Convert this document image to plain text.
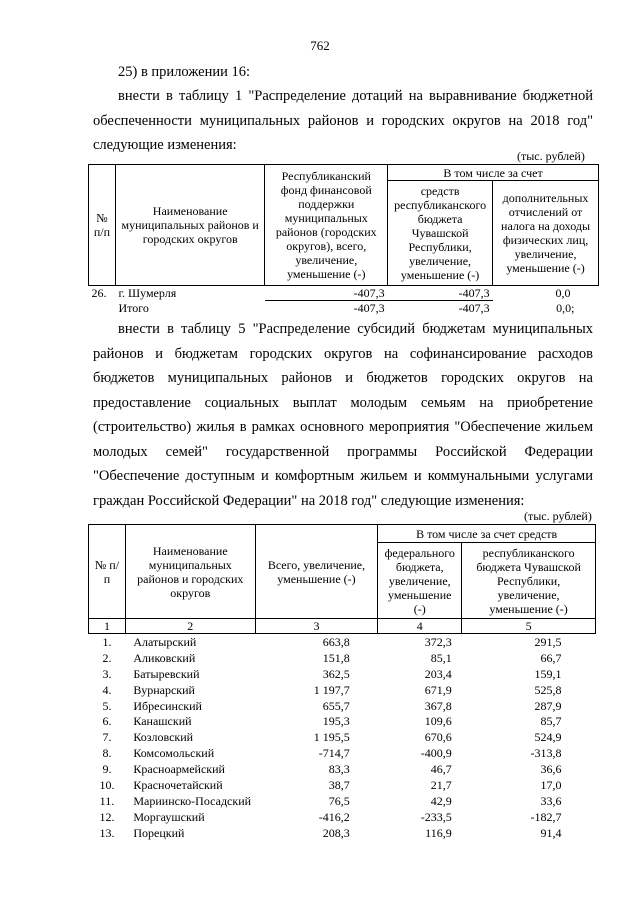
762

25) в приложении 16:

внести в таблицу 1 "Распределение дотаций на выравнивание бюджетной обеспеченности муниципальных районов и городских округов на 2018 год" следующие изменения:

(тыс. рублей)
№ п/п	Наименование муниципальных районов и городских округов	Республиканский фонд финансовой поддержки муниципальных районов (городских округов), всего, увеличение, уменьшение (-)	В том числе за счет	
			средств республиканского бюджета Чувашской Республики, увеличение, уменьшение (-)	дополнительных отчислений от налога на доходы физических лиц, увеличение, уменьшение (-)
26.	г. Шумерля	-407,3	-407,3	0,0
	Итого	-407,3	-407,3	0,0;

внести в таблицу 5 "Распределение субсидий бюджетам муниципальных районов и бюджетам городских округов на софинансирование расходов бюджетов муниципальных районов и бюджетов городских округов на предоставление социальных выплат молодым семьям на приобретение (строительство) жилья в рамках основного мероприятия "Обеспечение жильем молодых семей" государственной программы Российской Федерации "Обеспечение доступным и комфортным жильем и коммунальными услугами граждан Российской Федерации" на 2018 год" следующие изменения:

(тыс. рублей)
№ п/п	Наименование муниципальных районов и городских округов	Всего, увеличение, уменьшение (-)	В том числе за счет средств	
			федерального бюджета, увеличение, уменьшение (-)	республиканского бюджета Чувашской Республики, увеличение, уменьшение (-)
1	2	3	4	5
1.	Алатырский	663,8	372,3	291,5
2.	Аликовский	151,8	85,1	66,7
3.	Батыревский	362,5	203,4	159,1
4.	Вурнарский	1 197,7	671,9	525,8
5.	Ибресинский	655,7	367,8	287,9
6.	Канашский	195,3	109,6	85,7
7.	Козловский	1 195,5	670,6	524,9
8.	Комсомольский	-714,7	-400,9	-313,8
9.	Красноармейский	83,3	46,7	36,6
10.	Красночетайский	38,7	21,7	17,0
11.	Мариинско-Посадский	76,5	42,9	33,6
12.	Моргаушский	-416,2	-233,5	-182,7
13.	Порецкий	208,3	116,9	91,4
